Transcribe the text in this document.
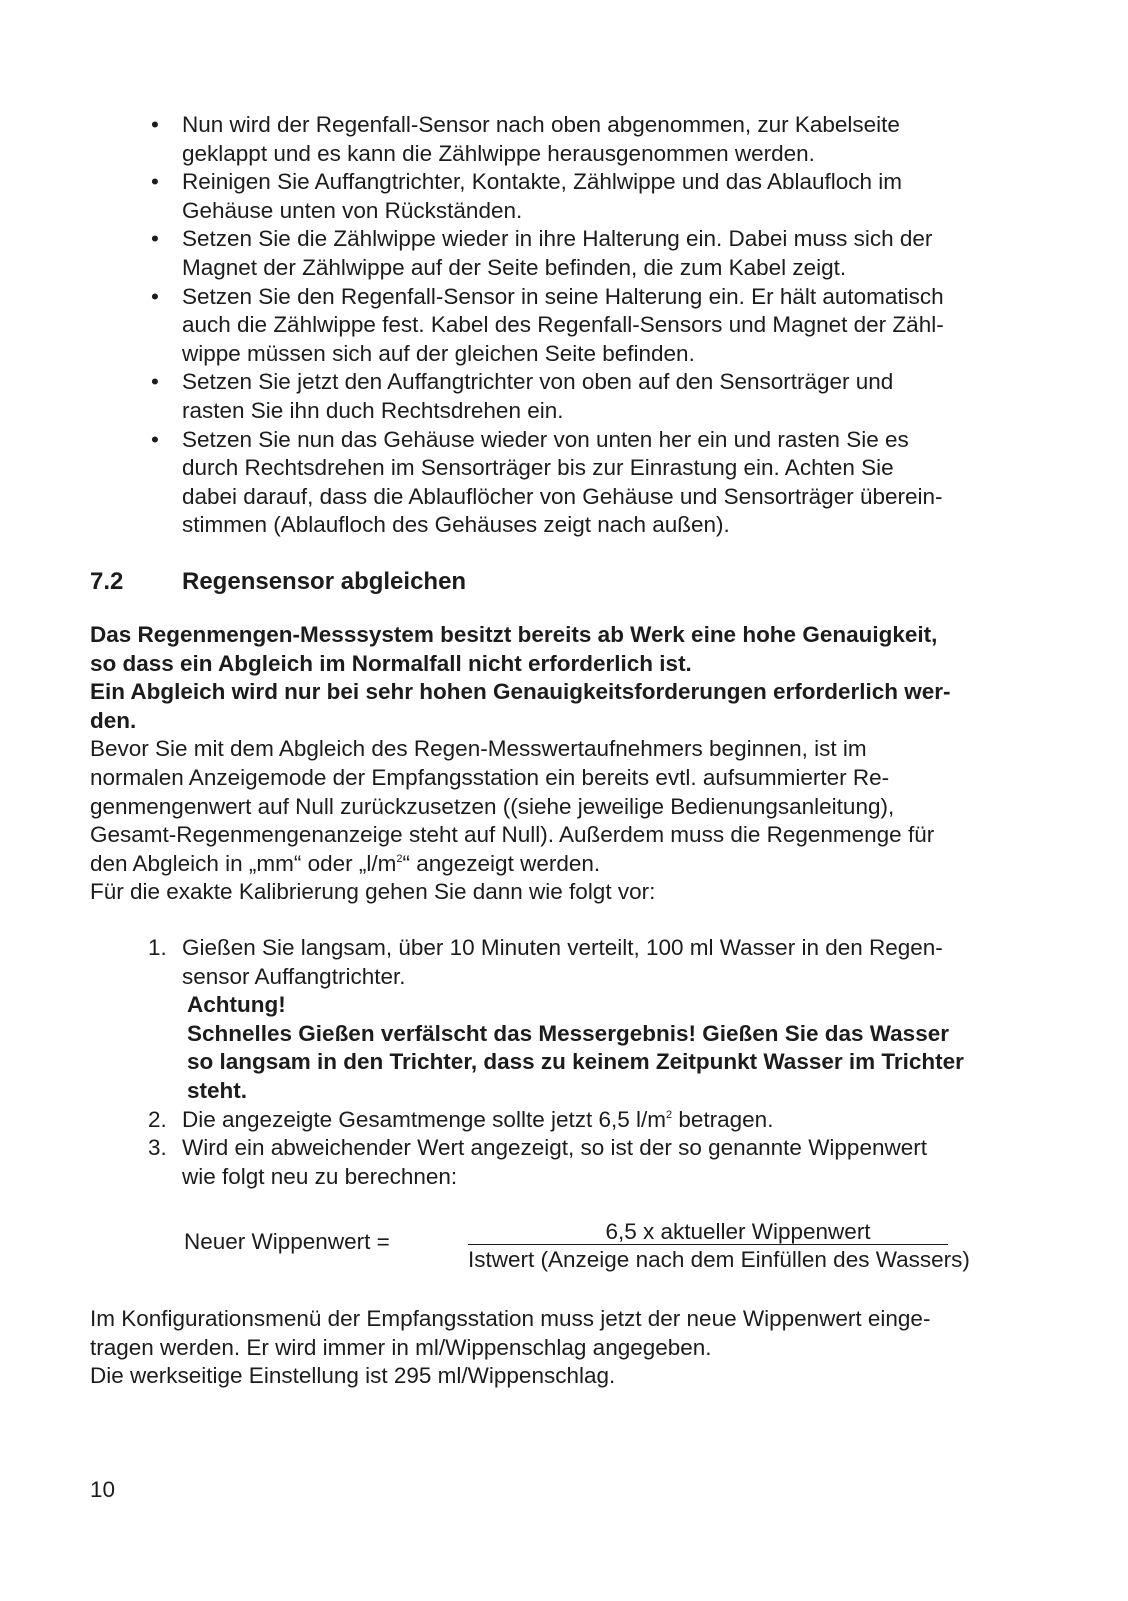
• Nun wird der Regenfall-Sensor nach oben abgenommen, zur Kabelseite
geklappt und es kann die Zählwippe herausgenommen werden.
• Reinigen Sie Auffangtrichter, Kontakte, Zählwippe und das Ablaufloch im
Gehäuse unten von Rückständen.
• Setzen Sie die Zählwippe wieder in ihre Halterung ein. Dabei muss sich der
Magnet der Zählwippe auf der Seite befinden, die zum Kabel zeigt.
• Setzen Sie den Regenfall-Sensor in seine Halterung ein. Er hält automatisch
auch die Zählwippe fest. Kabel des Regenfall-Sensors und Magnet der Zähl-
wippe müssen sich auf der gleichen Seite befinden.
• Setzen Sie jetzt den Auffangtrichter von oben auf den Sensorträger und
rasten Sie ihn duch Rechtsdrehen ein.
• Setzen Sie nun das Gehäuse wieder von unten her ein und rasten Sie es
durch Rechtsdrehen im Sensorträger bis zur Einrastung ein. Achten Sie
dabei darauf, dass die Ablauflöcher von Gehäuse und Sensorträger überein-
stimmen (Ablaufloch des Gehäuses zeigt nach außen).
7.2 Regensensor abgleichen
Das Regenmengen-Messsystem besitzt bereits ab Werk eine hohe Genauigkeit,
so dass ein Abgleich im Normalfall nicht erforderlich ist.
Ein Abgleich wird nur bei sehr hohen Genauigkeitsforderungen erforderlich wer-
den.
Bevor Sie mit dem Abgleich des Regen-Messwertaufnehmers beginnen, ist im
normalen Anzeigemode der Empfangsstation ein bereits evtl. aufsummierter Re-
genmengenwert auf Null zurückzusetzen ((siehe jeweilige Bedienungsanleitung),
Gesamt-Regenmengenanzeige steht auf Null). Außerdem muss die Regenmenge für
den Abgleich in „mm“ oder $„l/m^2“$ angezeigt werden.
Für die exakte Kalibrierung gehen Sie dann wie folgt vor:
1. Gießen Sie langsam, über 10 Minuten verteilt, 100 ml Wasser in den Regen-
sensor Auffangtrichter.
Achtung!
Schnelles Gießen verfälscht das Messergebnis! Gießen Sie das Wasser
so langsam in den Trichter, dass zu keinem Zeitpunkt Wasser im Trichter
steht.
2. Die angezeigte Gesamtmenge sollte jetzt 6,5 $l/m^2$ betragen.
3. Wird ein abweichender Wert angezeigt, so ist der so genannte Wippenwert
wie folgt neu zu berechnen:
Neuer Wippenwert =	6,5 x aktueller Wippenwert
Istwert (Anzeige nach dem Einfüllen des Wassers)
Im Konfigurationsmenü der Empfangsstation muss jetzt der neue Wippenwert einge-
tragen werden. Er wird immer in ml/Wippenschlag angegeben.
Die werkseitige Einstellung ist 295 ml/Wippenschlag.
10
